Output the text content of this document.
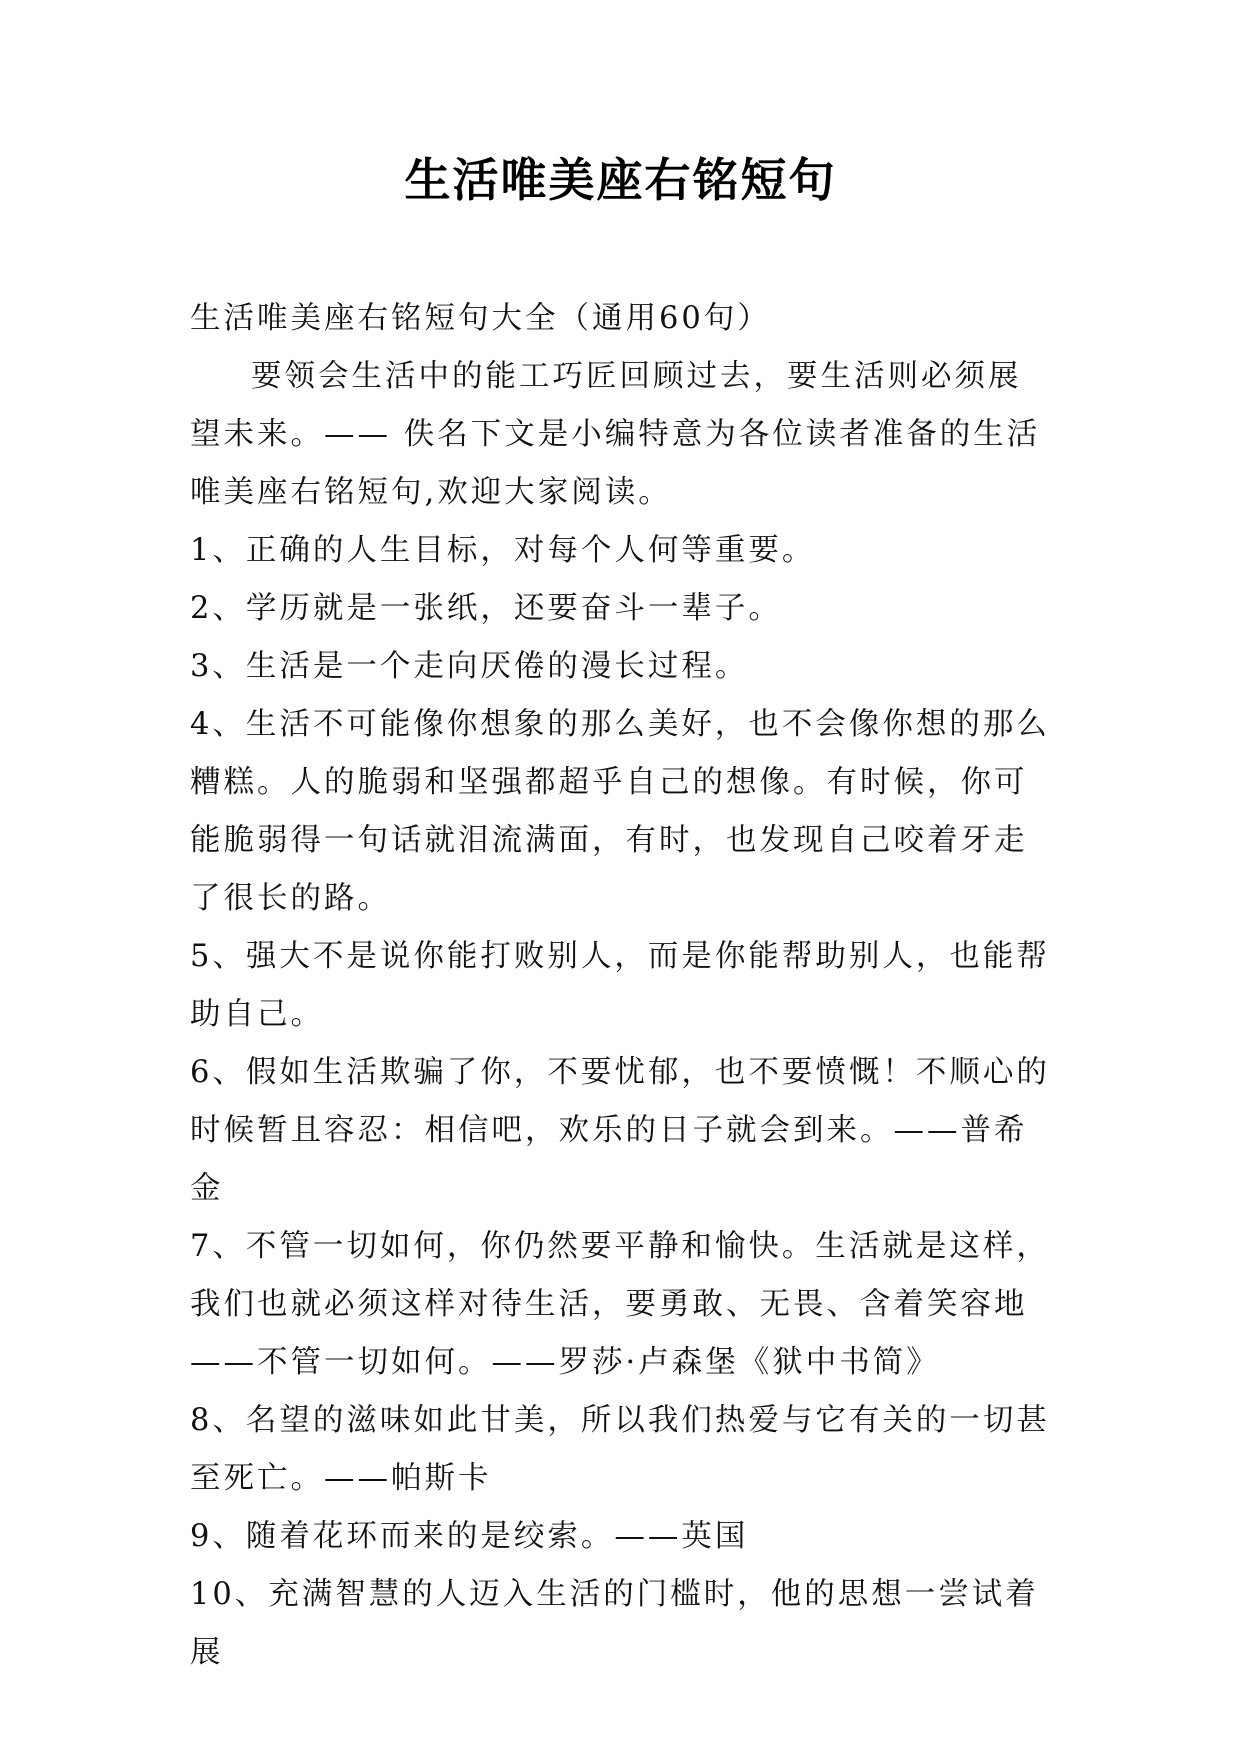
生活唯美座右铭短句

生活唯美座右铭短句大全（通用60句）

要领会生活中的能工巧匠回顾过去，要生活则必须展望未来。—— 佚名下文是小编特意为各位读者准备的生活唯美座右铭短句,欢迎大家阅读。

1、正确的人生目标，对每个人何等重要。

2、学历就是一张纸，还要奋斗一辈子。

3、生活是一个走向厌倦的漫长过程。

4、生活不可能像你想象的那么美好，也不会像你想的那么糟糕。人的脆弱和坚强都超乎自己的想像。有时候，你可能脆弱得一句话就泪流满面，有时，也发现自己咬着牙走了很长的路。

5、强大不是说你能打败别人，而是你能帮助别人，也能帮助自己。

6、假如生活欺骗了你，不要忧郁，也不要愤慨！不顺心的时候暂且容忍：相信吧，欢乐的日子就会到来。——普希金

7、不管一切如何，你仍然要平静和愉快。生活就是这样，我们也就必须这样对待生活，要勇敢、无畏、含着笑容地——不管一切如何。——罗莎·卢森堡《狱中书简》

8、名望的滋味如此甘美，所以我们热爱与它有关的一切甚至死亡。——帕斯卡

9、随着花环而来的是绞索。——英国

10、充满智慧的人迈入生活的门槛时，他的思想一尝试着展
